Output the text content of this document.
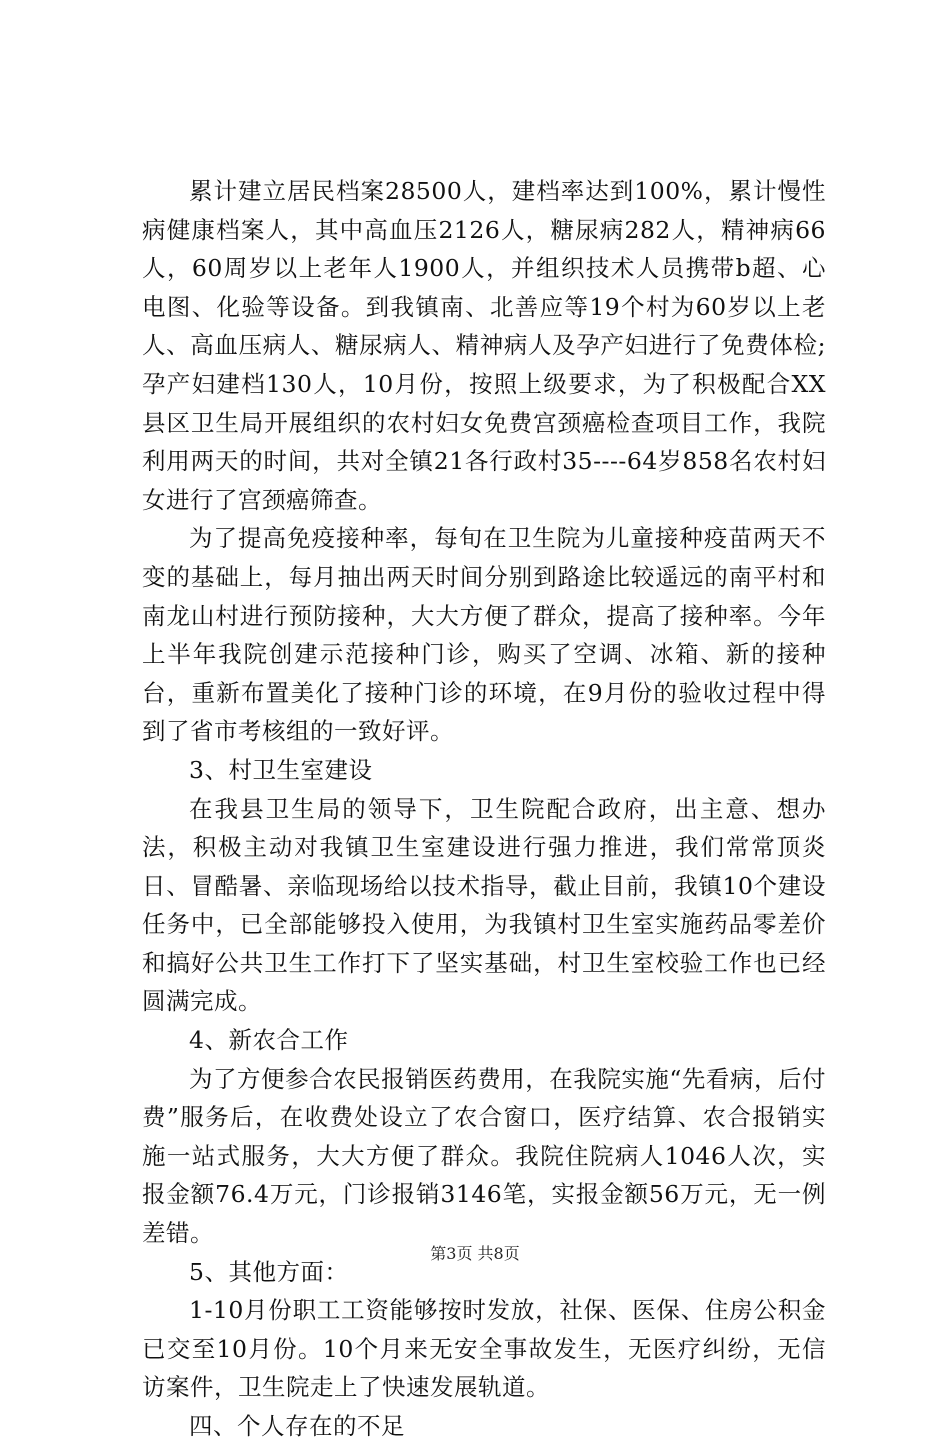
累计建立居民档案28500人，建档率达到100%，累计慢性病健康档案人，其中高血压2126人，糖尿病282人，精神病66人，60周岁以上老年人1900人，并组织技术人员携带b超、心电图、化验等设备。到我镇南、北善应等19个村为60岁以上老人、高血压病人、糖尿病人、精神病人及孕产妇进行了免费体检;孕产妇建档130人，10月份，按照上级要求，为了积极配合XX县区卫生局开展组织的农村妇女免费宫颈癌检查项目工作，我院利用两天的时间，共对全镇21各行政村35----64岁858名农村妇女进行了宫颈癌筛查。

为了提高免疫接种率，每旬在卫生院为儿童接种疫苗两天不变的基础上，每月抽出两天时间分别到路途比较遥远的南平村和南龙山村进行预防接种，大大方便了群众，提高了接种率。今年上半年我院创建示范接种门诊，购买了空调、冰箱、新的接种台，重新布置美化了接种门诊的环境，在9月份的验收过程中得到了省市考核组的一致好评。

3、村卫生室建设

在我县卫生局的领导下，卫生院配合政府，出主意、想办法，积极主动对我镇卫生室建设进行强力推进，我们常常顶炎日、冒酷暑、亲临现场给以技术指导，截止目前，我镇10个建设任务中，已全部能够投入使用，为我镇村卫生室实施药品零差价和搞好公共卫生工作打下了坚实基础，村卫生室校验工作也已经圆满完成。

4、新农合工作

为了方便参合农民报销医药费用，在我院实施“先看病，后付费”服务后，在收费处设立了农合窗口，医疗结算、农合报销实施一站式服务，大大方便了群众。我院住院病人1046人次，实报金额76.4万元，门诊报销3146笔，实报金额56万元，无一例差错。

5、其他方面：

1-10月份职工工资能够按时发放，社保、医保、住房公积金已交至10月份。10个月来无安全事故发生，无医疗纠纷，无信访案件，卫生院走上了快速发展轨道。

四、个人存在的不足

第3页 共8页
